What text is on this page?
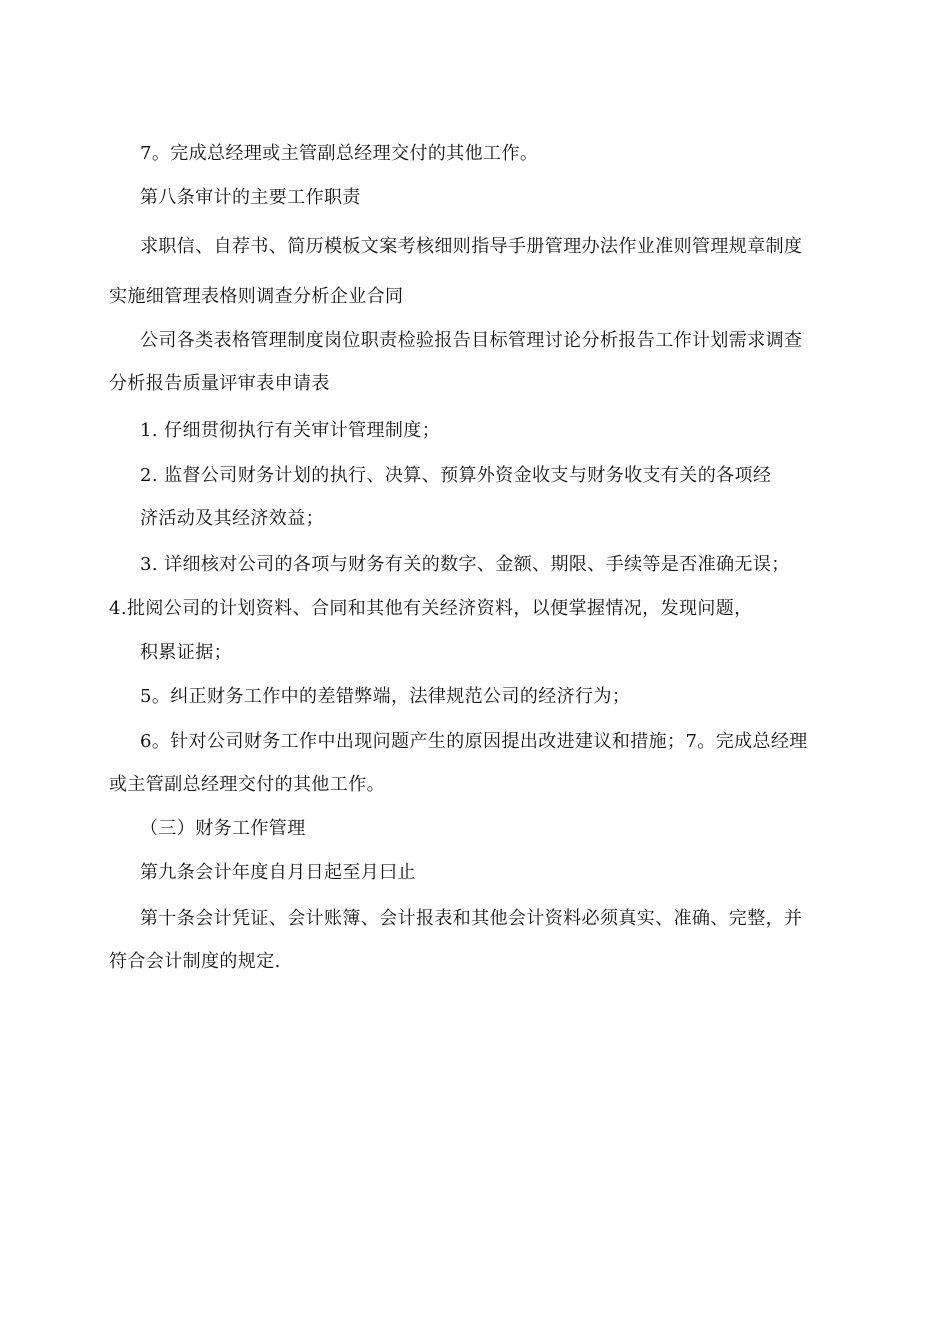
7。完成总经理或主管副总经理交付的其他工作。
第八条审计的主要工作职责
求职信、自荐书、简历模板文案考核细则指导手册管理办法作业准则管理规章制度
实施细管理表格则调查分析企业合同
公司各类表格管理制度岗位职责检验报告目标管理讨论分析报告工作计划需求调查
分析报告质量评审表申请表
1. 仔细贯彻执行有关审计管理制度；
2. 监督公司财务计划的执行、决算、预算外资金收支与财务收支有关的各项经
济活动及其经济效益；
3. 详细核对公司的各项与财务有关的数字、金额、期限、手续等是否准确无误；
4.批阅公司的计划资料、合同和其他有关经济资料，以便掌握情况，发现问题，
积累证据；
5。纠正财务工作中的差错弊端，法律规范公司的经济行为；
6。针对公司财务工作中出现问题产生的原因提出改进建议和措施；7。完成总经理
或主管副总经理交付的其他工作。
（三）财务工作管理
第九条会计年度自月日起至月曰止
第十条会计凭证、会计账簿、会计报表和其他会计资料必须真实、准确、完整，并
符合会计制度的规定.
